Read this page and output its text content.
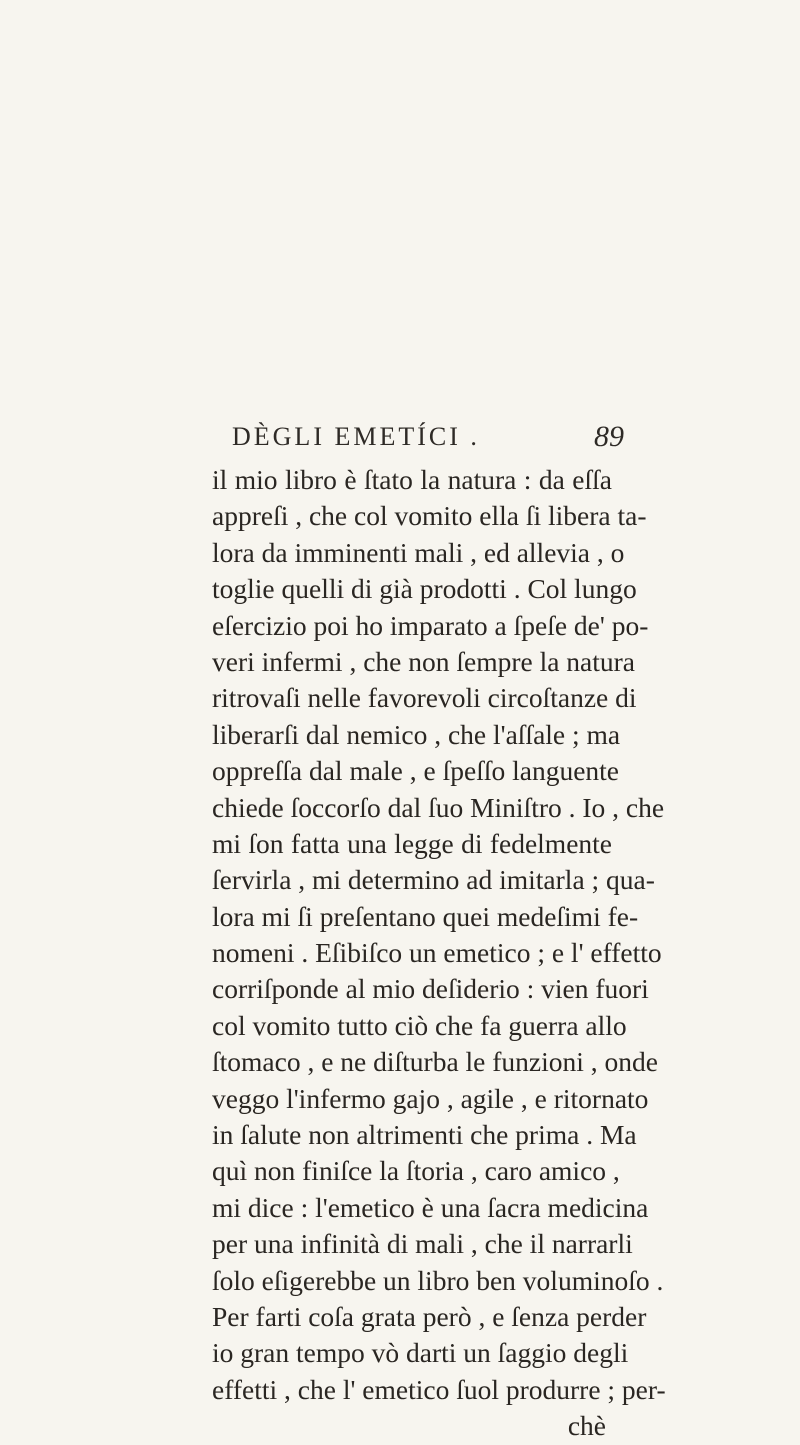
DÈGLI EMETÍCI .	89
il mio libro è ſtato la natura : da eſſa
appreſi , che col vomito ella ſi libera ta-
lora da imminenti mali , ed allevia , o
toglie quelli di già prodotti . Col lungo
eſercizio poi ho imparato a ſpeſe de' po-
veri infermi , che non ſempre la natura
ritrovaſi nelle favorevoli circoſtanze di
liberarſi dal nemico , che l'aſſale ; ma
oppreſſa dal male , e ſpeſſo languente
chiede ſoccorſo dal ſuo Miniſtro . Io , che
mi ſon fatta una legge di fedelmente
ſervirla , mi determino ad imitarla ; qua-
lora mi ſi preſentano quei medeſimi fe-
nomeni . Eſibiſco un emetico ; e l' effetto
corriſponde al mio deſiderio : vien fuori
col vomito tutto ciò che fa guerra allo
ſtomaco , e ne diſturba le funzioni , onde
veggo l'infermo gajo , agile , e ritornato
in ſalute non altrimenti che prima . Ma
quì non finiſce la ſtoria , caro amico ,
mi dice : l'emetico è una ſacra medicina
per una infinità di mali , che il narrarli
ſolo eſigerebbe un libro ben voluminoſo .
Per farti coſa grata però , e ſenza perder
io gran tempo vò darti un ſaggio degli
effetti , che l' emetico ſuol produrre ; per-
chè
